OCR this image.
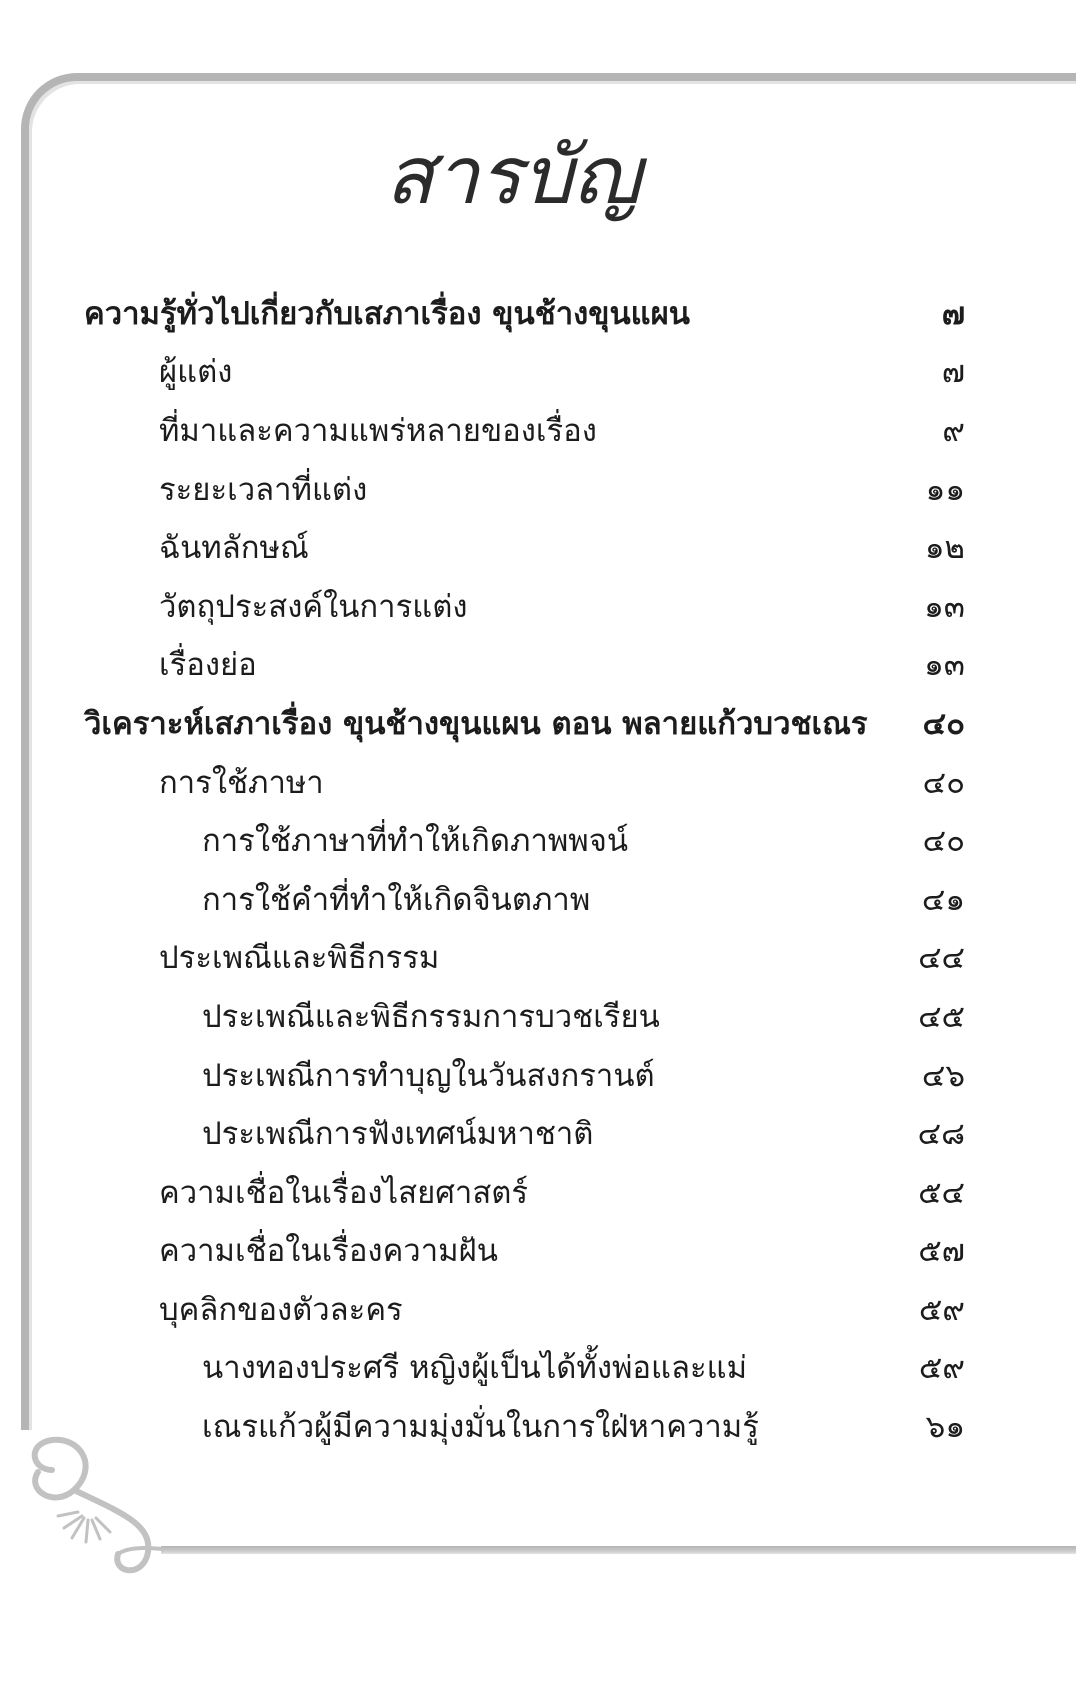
สารบัญ
ความรู้ทั่วไปเกี่ยวกับเสภาเรื่อง ขุนช้างขุนแผน	๗
ผู้แต่ง	๗
ที่มาและความแพร่หลายของเรื่อง	๙
ระยะเวลาที่แต่ง	๑๑
ฉันทลักษณ์	๑๒
วัตถุประสงค์ในการแต่ง	๑๓
เรื่องย่อ	๑๓
วิเคราะห์เสภาเรื่อง ขุนช้างขุนแผน ตอน พลายแก้วบวชเณร	๔๐
การใช้ภาษา	๔๐
การใช้ภาษาที่ทำให้เกิดภาพพจน์	๔๐
การใช้คำที่ทำให้เกิดจินตภาพ	๔๑
ประเพณีและพิธีกรรม	๔๔
ประเพณีและพิธีกรรมการบวชเรียน	๔๕
ประเพณีการทำบุญในวันสงกรานต์	๔๖
ประเพณีการฟังเทศน์มหาชาติ	๔๘
ความเชื่อในเรื่องไสยศาสตร์	๕๔
ความเชื่อในเรื่องความฝัน	๕๗
บุคลิกของตัวละคร	๕๙
นางทองประศรี หญิงผู้เป็นได้ทั้งพ่อและแม่	๕๙
เณรแก้วผู้มีความมุ่งมั่นในการใฝ่หาความรู้	๖๑
